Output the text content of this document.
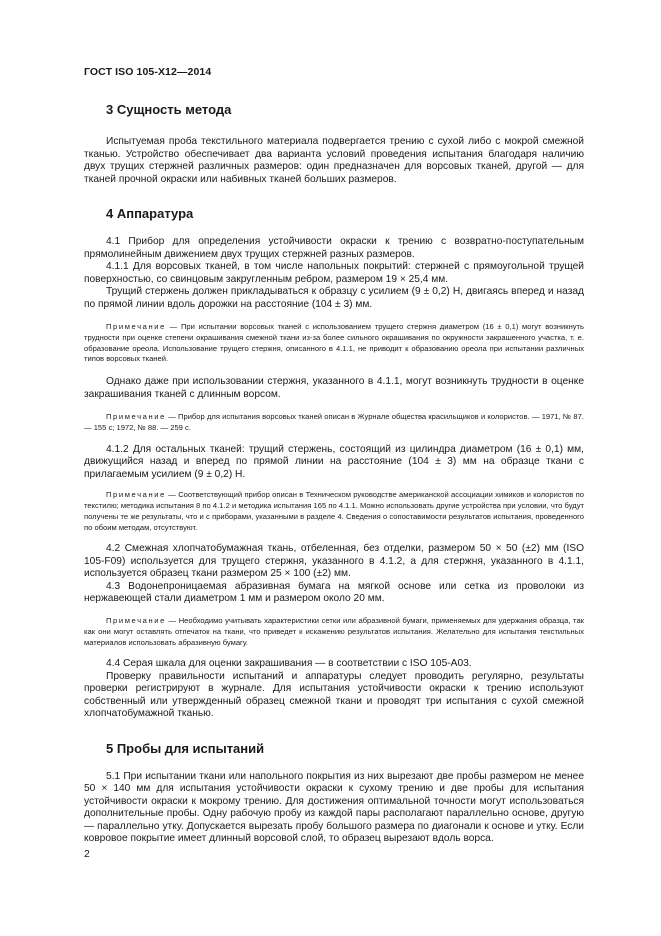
ГОСТ ISO 105-Х12—2014
3 Сущность метода

Испытуемая проба текстильного материала подвергается трению с сухой либо с мокрой смежной тканью. Устройство обеспечивает два варианта условий проведения испытания благодаря наличию двух трущих стержней различных размеров: один предназначен для ворсовых тканей, другой — для тканей прочной окраски или набивных тканей больших размеров.

4 Аппаратура

4.1 Прибор для определения устойчивости окраски к трению с возвратно-поступательным прямолинейным движением двух трущих стержней разных размеров.

4.1.1 Для ворсовых тканей, в том числе напольных покрытий: стержней с прямоугольной трущей поверхностью, со свинцовым закругленным ребром, размером 19 × 25,4 мм.

Трущий стержень должен прикладываться к образцу с усилием (9 ± 0,2) Н, двигаясь вперед и назад по прямой линии вдоль дорожки на расстояние (104 ± 3) мм.

Примечание — При испытании ворсовых тканей с использованием трущего стержня диаметром (16 ± 0,1) могут возникнуть трудности при оценке степени окрашивания смежной ткани из-за более сильного окрашивания по окружности закрашенного участка, т. е. образование ореола. Использование трущего стержня, описанного в 4.1.1, не приводит к образованию ореола при испытании различных типов ворсовых тканей.

Однако даже при использовании стержня, указанного в 4.1.1, могут возникнуть трудности в оценке закрашивания тканей с длинным ворсом.

Примечание — Прибор для испытания ворсовых тканей описан в Журнале общества красильщиков и колористов. — 1971, № 87. — 155 с; 1972, № 88. — 259 с.

4.1.2 Для остальных тканей: трущий стержень, состоящий из цилиндра диаметром (16 ± 0,1) мм, движущийся назад и вперед по прямой линии на расстояние (104 ± 3) мм на образце ткани с прилагаемым усилием (9 ± 0,2) Н.

Примечание — Соответствующий прибор описан в Техническом руководстве американской ассоциации химиков и колористов по текстилю; методика испытания 8 по 4.1.2 и методика испытания 165 по 4.1.1. Можно использовать другие устройства при условии, что будут получены те же результаты, что и с приборами, указанными в разделе 4. Сведения о сопоставимости результатов испытания, проведенного по обоим методам, отсутствуют.

4.2 Смежная хлопчатобумажная ткань, отбеленная, без отделки, размером 50 × 50 (±2) мм (ISO 105-F09) используется для трущего стержня, указанного в 4.1.2, а для стержня, указанного в 4.1.1, используется образец ткани размером 25 × 100 (±2) мм.

4.3 Водонепроницаемая абразивная бумага на мягкой основе или сетка из проволоки из нержавеющей стали диаметром 1 мм и размером около 20 мм.

Примечание — Необходимо учитывать характеристики сетки или абразивной бумаги, применяемых для удержания образца, так как они могут оставлять отпечаток на ткани, что приведет к искажению результатов испытания. Желательно для испытания текстильных материалов использовать абразивную бумагу.

4.4 Серая шкала для оценки закрашивания — в соответствии с ISO 105-А03.

Проверку правильности испытаний и аппаратуры следует проводить регулярно, результаты проверки регистрируют в журнале. Для испытания устойчивости окраски к трению используют собственный или утвержденный образец смежной ткани и проводят три испытания с сухой смежной хлопчатобумажной тканью.

5 Пробы для испытаний

5.1 При испытании ткани или напольного покрытия из них вырезают две пробы размером не менее 50 × 140 мм для испытания устойчивости окраски к сухому трению и две пробы для испытания устойчивости окраски к мокрому трению. Для достижения оптимальной точности могут использоваться дополнительные пробы. Одну рабочую пробу из каждой пары располагают параллельно основе, другую — параллельно утку. Допускается вырезать пробу большого размера по диагонали к основе и утку. Если ковровое покрытие имеет длинный ворсовой слой, то образец вырезают вдоль ворса.

2
